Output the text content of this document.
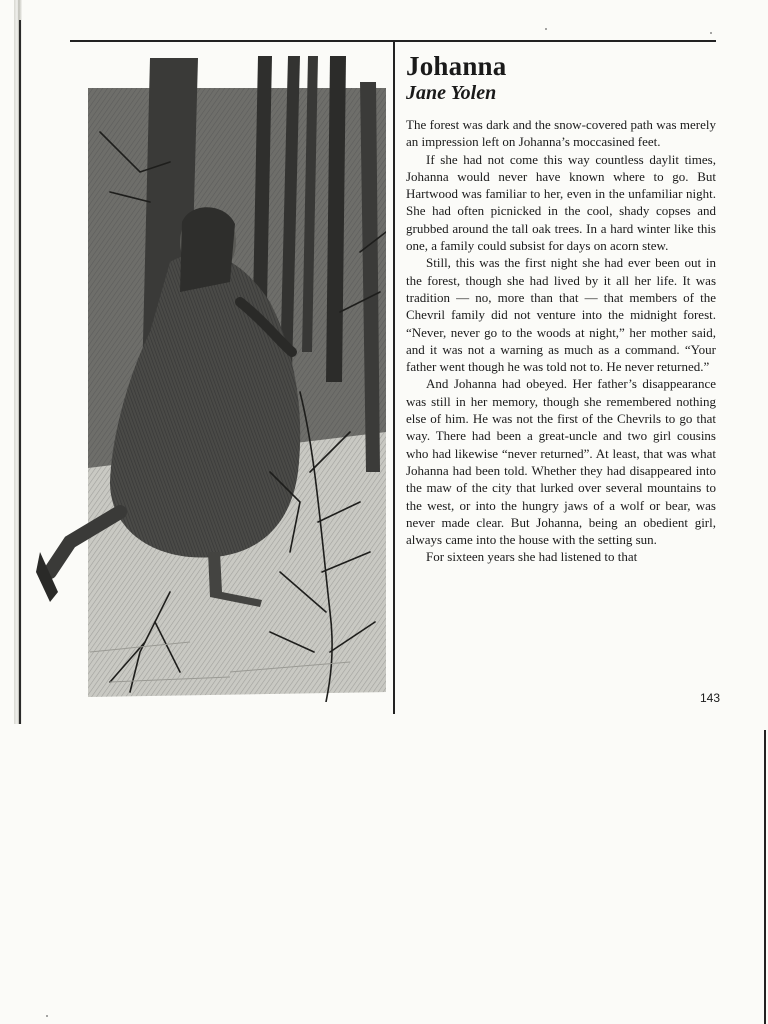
Johanna
Jane Yolen

The forest was dark and the snow-covered path was merely an impression left on Johanna’s moccasined feet.

If she had not come this way countless daylit times, Johanna would never have known where to go. But Hartwood was familiar to her, even in the unfamiliar night. She had often picnicked in the cool, shady copses and grubbed around the tall oak trees. In a hard winter like this one, a family could subsist for days on acorn stew.

Still, this was the first night she had ever been out in the forest, though she had lived by it all her life. It was tradition — no, more than that — that members of the Chevril family did not venture into the midnight forest. “Never, never go to the woods at night,” her mother said, and it was not a warning as much as a command. “Your father went though he was told not to. He never returned.”

And Johanna had obeyed. Her father’s disappearance was still in her memory, though she remembered nothing else of him. He was not the first of the Chevrils to go that way. There had been a great-uncle and two girl cousins who had likewise “never returned”. At least, that was what Johanna had been told. Whether they had disappeared into the maw of the city that lurked over several mountains to the west, or into the hungry jaws of a wolf or bear, was never made clear. But Johanna, being an obedient girl, always came into the house with the setting sun.

For sixteen years she had listened to that

143
